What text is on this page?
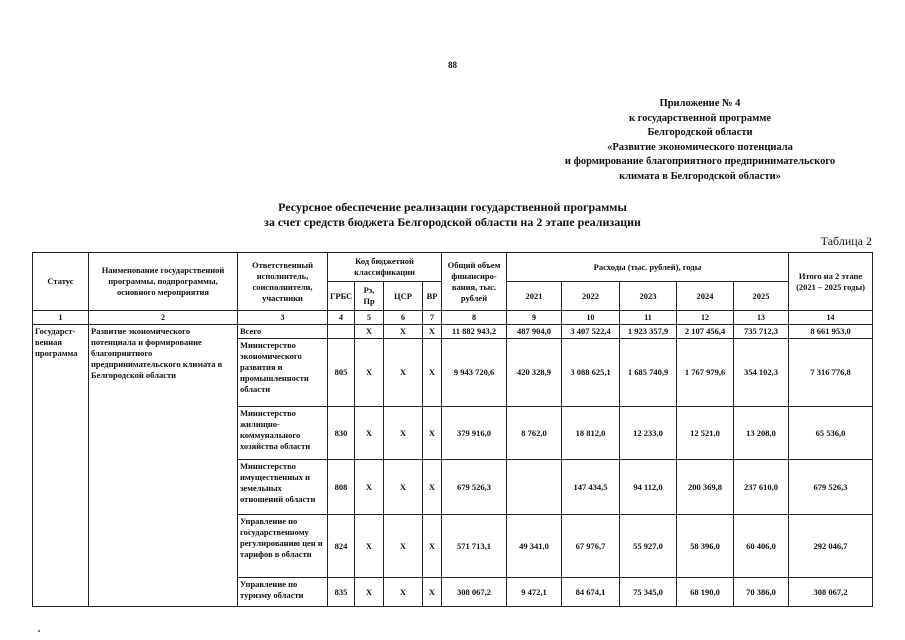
88
Приложение № 4
к государственной программе
Белгородской области
«Развитие экономического потенциала
и формирование благоприятного предпринимательского
климата в Белгородской области»
Ресурсное обеспечение реализации государственной программы
за счет средств бюджета Белгородской области на 2 этапе реализации
Таблица 2
Статус	Наименование государственной программы, подпрограммы, основного мероприятия	Ответственный исполнитель, соисполнители, участники	Код бюджетной классификации				Общий объем финансиро-вания, тыс. рублей	Расходы (тыс. рублей), годы					Итого на 2 этапе (2021 – 2025 годы)
			ГРБС	Рз, Пр	ЦСР	ВР		2021	2022	2023	2024	2025	
1	2	3	4	5	6	7	8	9	10	11	12	13	14
Государст-венная программа	Развитие экономического потенциала и формирование благоприятного предпринимательского климата в Белгородской области	Всего		Х	Х	Х	11 882 943,2	487 904,0	3 407 522,4	1 923 357,9	2 107 456,4	735 712,3	8 661 953,0
		Министерство экономического развития и промышленности области	805	Х	Х	Х	9 943 720,6	420 328,9	3 088 625,1	1 685 740,9	1 767 979,6	354 102,3	7 316 776,8
		Министерство жилищно-коммунального хозяйства области	830	Х	Х	Х	379 916,0	8 762,0	18 812,0	12 233,0	12 521,0	13 208,0	65 536,0
		Министерство имущественных и земельных отношений области	808	Х	Х	Х	679 526,3		147 434,5	94 112,0	200 369,8	237 610,0	679 526,3
		Управление по государственному регулированию цен и тарифов в области	824	Х	Х	Х	571 713,1	49 341,0	67 976,7	55 927,0	58 396,0	60 406,0	292 046,7
		Управление по туризму области	835	Х	Х	Х	308 067,2	9 472,1	84 674,1	75 345,0	68 190,0	70 386,0	308 067,2
